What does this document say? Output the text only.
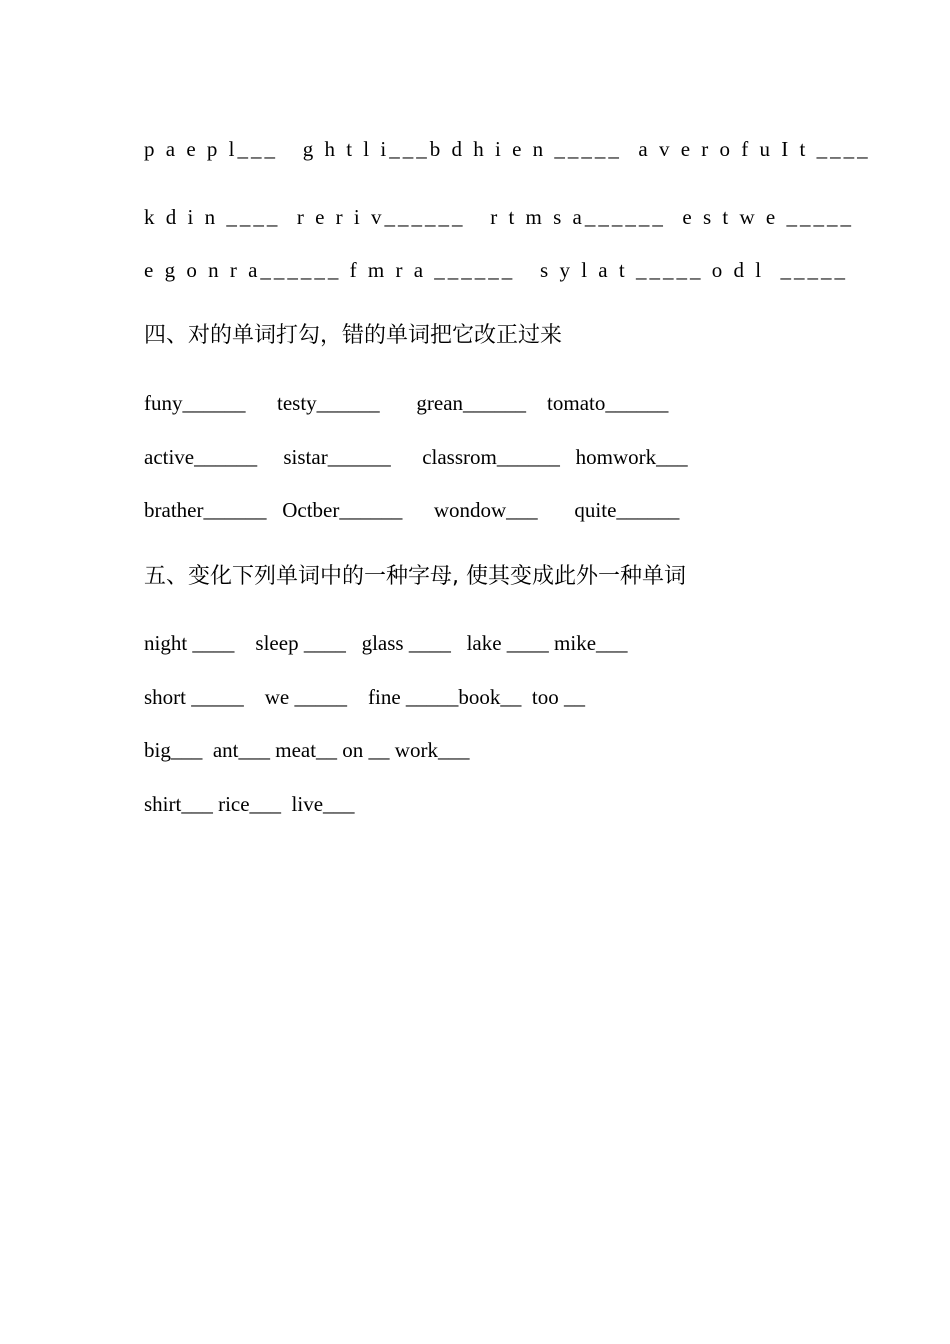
p a e p l___   g h t l i___b d h i e n _____  a v e r o f u I t ____
k d i n ____  r e r i v______   r t m s a______  e s t w e _____
e g o n r a______ f m r a ______   s y l a t _____ o d l  _____
四、对的单词打勾，错的单词把它改正过来
funy______      testy______       grean______    tomato______
active______     sistar______      classrom______   homwork___
brather______   Octber______      wondow___       quite______
五、变化下列单词中的一种字母, 使其变成此外一种单词
night ____    sleep ____   glass ____   lake ____ mike___
short _____    we _____    fine _____book__  too __
big___  ant___ meat__ on __ work___
shirt___ rice___  live___
